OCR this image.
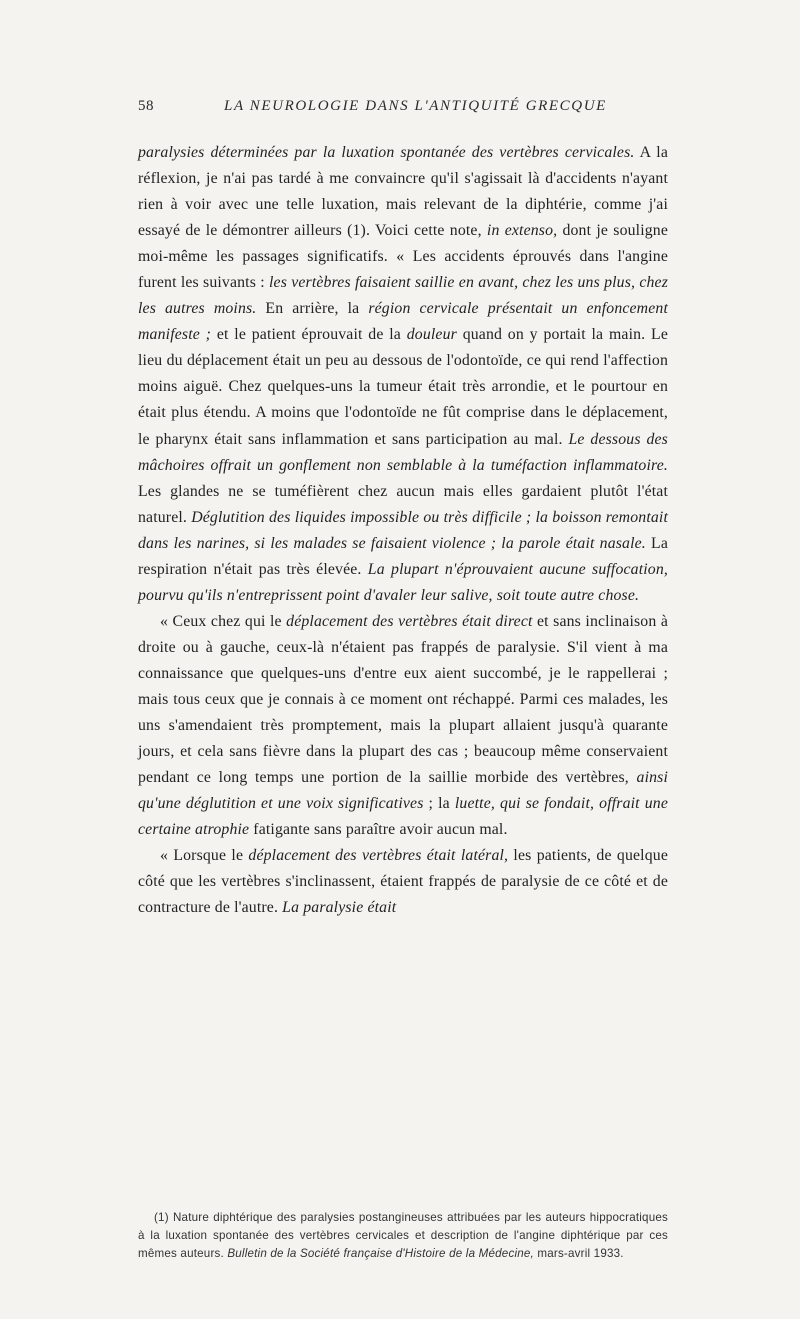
58	LA NEUROLOGIE DANS L'ANTIQUITÉ GRECQUE

paralysies déterminées par la luxation spontanée des vertèbres cervicales. A la réflexion, je n'ai pas tardé à me convaincre qu'il s'agissait là d'accidents n'ayant rien à voir avec une telle luxation, mais relevant de la diphtérie, comme j'ai essayé de le démontrer ailleurs (1). Voici cette note, in extenso, dont je souligne moi-même les passages significatifs. « Les accidents éprouvés dans l'angine furent les suivants : les vertèbres faisaient saillie en avant, chez les uns plus, chez les autres moins. En arrière, la région cervicale présentait un enfoncement manifeste ; et le patient éprouvait de la douleur quand on y portait la main. Le lieu du déplacement était un peu au dessous de l'odontoïde, ce qui rend l'affection moins aiguë. Chez quelques-uns la tumeur était très arrondie, et le pourtour en était plus étendu. A moins que l'odontoïde ne fût comprise dans le déplacement, le pharynx était sans inflammation et sans participation au mal. Le dessous des mâchoires offrait un gonflement non semblable à la tuméfaction inflammatoire. Les glandes ne se tuméfièrent chez aucun mais elles gardaient plutôt l'état naturel. Déglutition des liquides impossible ou très difficile ; la boisson remontait dans les narines, si les malades se faisaient violence ; la parole était nasale. La respiration n'était pas très élevée. La plupart n'éprouvaient aucune suffocation, pourvu qu'ils n'entreprissent point d'avaler leur salive, soit toute autre chose.

« Ceux chez qui le déplacement des vertèbres était direct et sans inclinaison à droite ou à gauche, ceux-là n'étaient pas frappés de paralysie. S'il vient à ma connaissance que quelques-uns d'entre eux aient succombé, je le rappellerai ; mais tous ceux que je connais à ce moment ont réchappé. Parmi ces malades, les uns s'amendaient très promptement, mais la plupart allaient jusqu'à quarante jours, et cela sans fièvre dans la plupart des cas ; beaucoup même conservaient pendant ce long temps une portion de la saillie morbide des vertèbres, ainsi qu'une déglutition et une voix significatives ; la luette, qui se fondait, offrait une certaine atrophie fatigante sans paraître avoir aucun mal.

« Lorsque le déplacement des vertèbres était latéral, les patients, de quelque côté que les vertèbres s'inclinassent, étaient frappés de paralysie de ce côté et de contracture de l'autre. La paralysie était

(1) Nature diphtérique des paralysies postangineuses attribuées par les auteurs hippocratiques à la luxation spontanée des vertèbres cervicales et description de l'angine diphtérique par ces mêmes auteurs. Bulletin de la Société française d'Histoire de la Médecine, mars-avril 1933.
